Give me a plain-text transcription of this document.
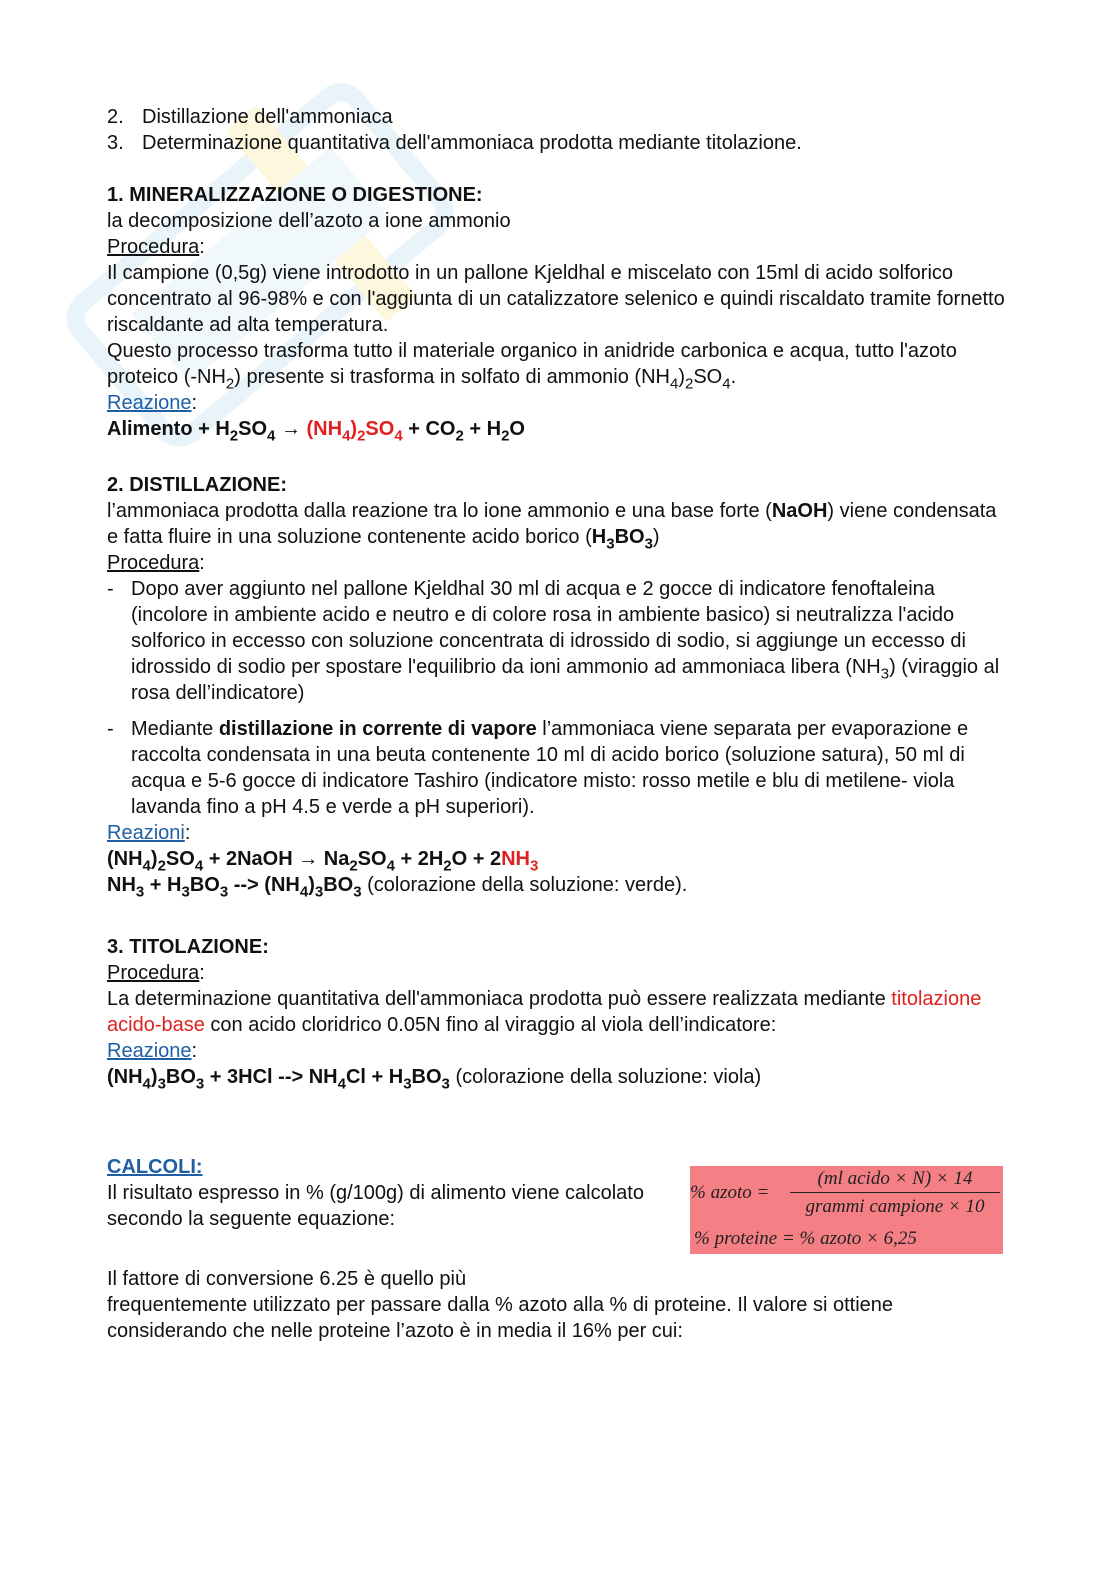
2. Distillazione dell'ammoniaca
3. Determinazione quantitativa dell'ammoniaca prodotta mediante titolazione.
1. MINERALIZZAZIONE O DIGESTIONE:

la decomposizione dell’azoto a ione ammonio

Procedura:

Il campione (0,5g) viene introdotto in un pallone Kjeldhal e miscelato con 15ml di acido solforico concentrato al 96-98% e con l'aggiunta di un catalizzatore selenico e quindi riscaldato tramite fornetto riscaldante ad alta temperatura.

Questo processo trasforma tutto il materiale organico in anidride carbonica e acqua, tutto l'azoto proteico $(-NH_2)$ presente si trasforma in solfato di ammonio $(NH_4)_2SO_4$.

Reazione:

Alimento + $H_2SO_4 \to (NH_4)_2SO_4 + CO_2 + H_2O$

2. DISTILLAZIONE:

l’ammoniaca prodotta dalla reazione tra lo ione ammonio e una base forte (NaOH) viene condensata e fatta fluire in una soluzione contenente acido borico $(H_3BO_3)$

Procedura:

- Dopo aver aggiunto nel pallone Kjeldhal 30 ml di acqua e 2 gocce di indicatore fenoftaleina (incolore in ambiente acido e neutro e di colore rosa in ambiente basico) si neutralizza l'acido solforico in eccesso con soluzione concentrata di idrossido di sodio, si aggiunge un eccesso di idrossido di sodio per spostare l'equilibrio da ioni ammonio ad ammoniaca libera $(NH_3)$ (viraggio al rosa dell’indicatore)
- Mediante distillazione in corrente di vapore l’ammoniaca viene separata per evaporazione e raccolta condensata in una beuta contenente 10 ml di acido borico (soluzione satura), 50 ml di acqua e 5-6 gocce di indicatore Tashiro (indicatore misto: rosso metile e blu di metilene- viola lavanda fino a pH 4.5 e verde a pH superiori).

Reazioni:

$(NH_4)_2SO_4$ + 2NaOH → $Na_2SO_4 + 2H_2O + 2NH_3$

$NH_3 + H_3BO_3$ --> $(NH_4)_3BO_3$ (colorazione della soluzione: verde).

3. TITOLAZIONE:

Procedura:

La determinazione quantitativa dell'ammoniaca prodotta può essere realizzata mediante titolazione acido-base con acido cloridrico 0.05N fino al viraggio al viola dell’indicatore:

Reazione:

$(NH_4)_3BO_3 + 3HCl$ --> $NH_4Cl + H_3BO_3$ (colorazione della soluzione: viola)

CALCOLI:

Il risultato espresso in % (g/100g) di alimento viene calcolato secondo la seguente equazione:

% azoto =
(ml acido × N) × 14
grammi campione × 10
% proteine = % azoto × 6,25

Il fattore di conversione 6.25 è quello più

frequentemente utilizzato per passare dalla % azoto alla % di proteine. Il valore si ottiene considerando che nelle proteine l’azoto è in media il 16% per cui:
